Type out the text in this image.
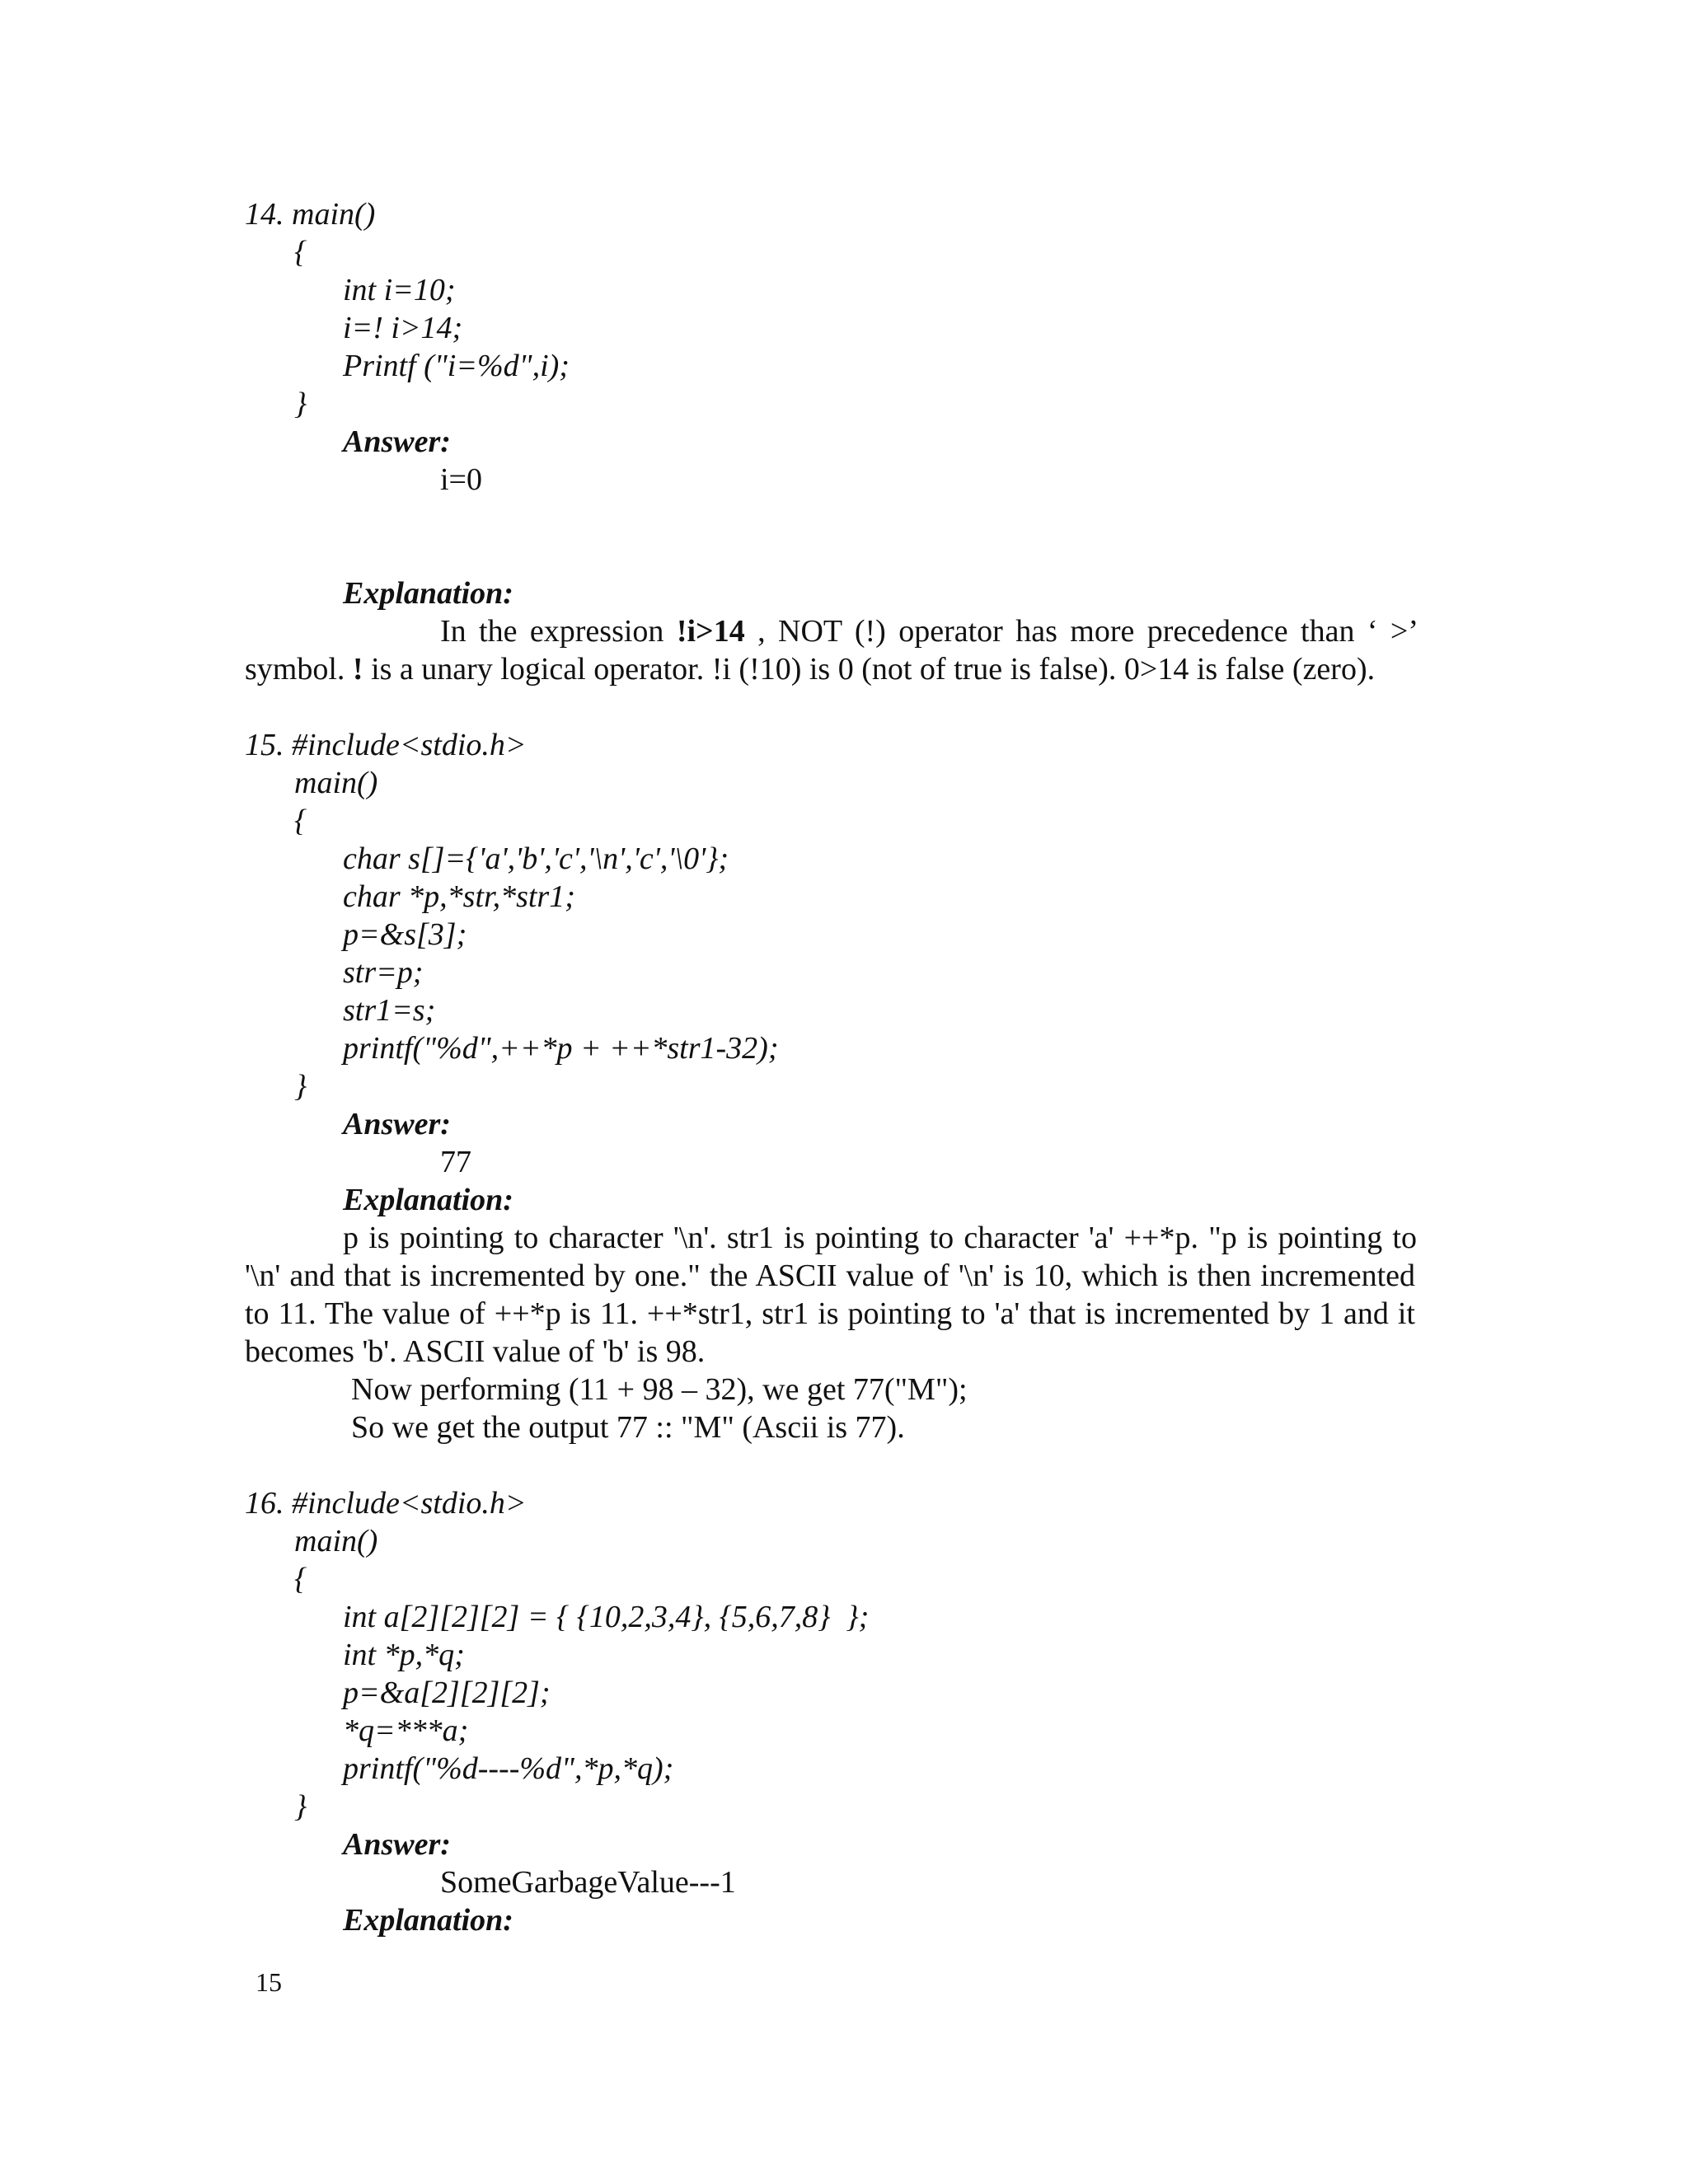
14. main()
{
int i=10;
i=! i>14;
Printf ("i=%d",i);
}
Answer:
i=0
Explanation:
In the expression !i>14 , NOT (!) operator has more precedence than ‘ >’
symbol. ! is a unary logical operator. !i (!10) is 0 (not of true is false). 0>14 is false (zero).
15. #include<stdio.h>
main()
{
char s[]={'a','b','c','\n','c','\0'};
char *p,*str,*str1;
p=&s[3];
str=p;
str1=s;
printf("%d",++*p + ++*str1-32);
}
Answer:
77
Explanation:
p is pointing to character '\n'. str1 is pointing to character 'a' ++*p. "p is pointing to
'\n' and that is incremented by one." the ASCII value of '\n' is 10, which is then incremented
to 11. The value of ++*p is 11. ++*str1, str1 is pointing to 'a' that is incremented by 1 and it
becomes 'b'. ASCII value of 'b' is 98.
Now performing (11 + 98 – 32), we get 77("M");
So we get the output 77 :: "M" (Ascii is 77).
16. #include<stdio.h>
main()
{
int a[2][2][2] = { {10,2,3,4}, {5,6,7,8}  };
int *p,*q;
p=&a[2][2][2];
*q=***a;
printf("%d----%d",*p,*q);
}
Answer:
SomeGarbageValue---1
Explanation:
15
